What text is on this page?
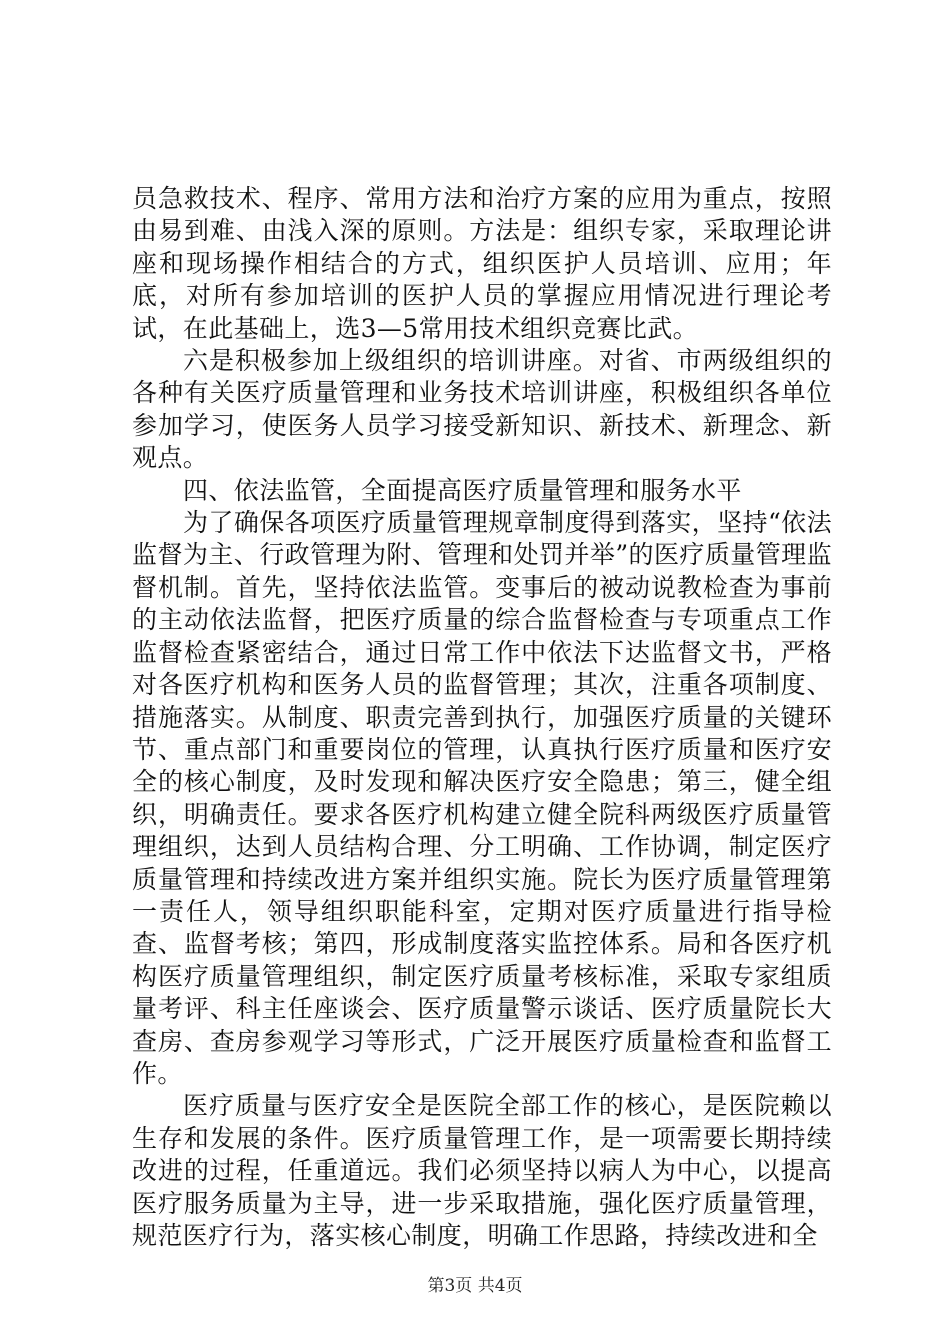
员急救技术、程序、常用方法和治疗方案的应用为重点，按照由易到难、由浅入深的原则。方法是：组织专家，采取理论讲座和现场操作相结合的方式，组织医护人员培训、应用；年底，对所有参加培训的医护人员的掌握应用情况进行理论考试，在此基础上，选3—5常用技术组织竞赛比武。

六是积极参加上级组织的培训讲座。对省、市两级组织的各种有关医疗质量管理和业务技术培训讲座，积极组织各单位参加学习，使医务人员学习接受新知识、新技术、新理念、新观点。

四、依法监管，全面提高医疗质量管理和服务水平

为了确保各项医疗质量管理规章制度得到落实，坚持“依法监督为主、行政管理为附、管理和处罚并举”的医疗质量管理监督机制。首先，坚持依法监管。变事后的被动说教检查为事前的主动依法监督，把医疗质量的综合监督检查与专项重点工作监督检查紧密结合，通过日常工作中依法下达监督文书，严格对各医疗机构和医务人员的监督管理；其次，注重各项制度、措施落实。从制度、职责完善到执行，加强医疗质量的关键环节、重点部门和重要岗位的管理，认真执行医疗质量和医疗安全的核心制度，及时发现和解决医疗安全隐患；第三，健全组织，明确责任。要求各医疗机构建立健全院科两级医疗质量管理组织，达到人员结构合理、分工明确、工作协调，制定医疗质量管理和持续改进方案并组织实施。院长为医疗质量管理第一责任人，领导组织职能科室，定期对医疗质量进行指导检查、监督考核；第四，形成制度落实监控体系。局和各医疗机构医疗质量管理组织，制定医疗质量考核标准，采取专家组质量考评、科主任座谈会、医疗质量警示谈话、医疗质量院长大查房、查房参观学习等形式，广泛开展医疗质量检查和监督工作。

医疗质量与医疗安全是医院全部工作的核心，是医院赖以生存和发展的条件。医疗质量管理工作，是一项需要长期持续改进的过程，任重道远。我们必须坚持以病人为中心，以提高医疗服务质量为主导，进一步采取措施，强化医疗质量管理，规范医疗行为，落实核心制度，明确工作思路，持续改进和全

第3页 共4页
